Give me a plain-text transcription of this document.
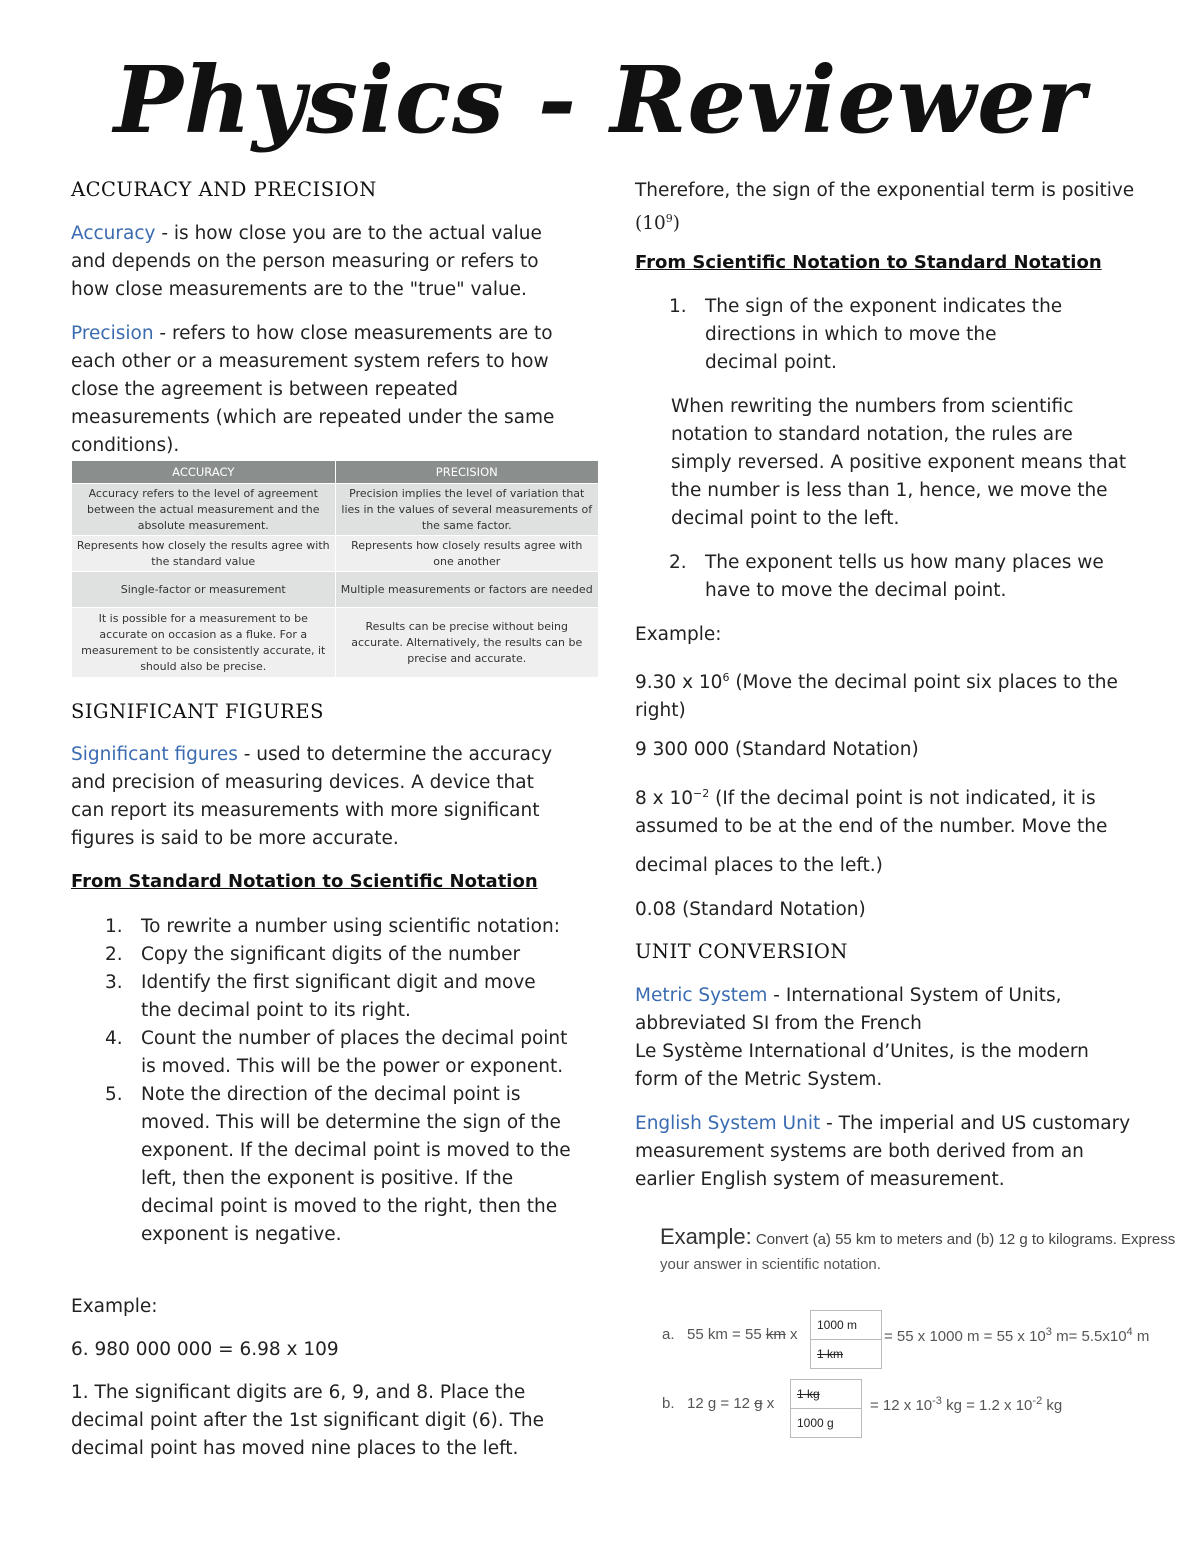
Physics - Reviewer
ACCURACY AND PRECISION
Accuracy - is how close you are to the actual value and depends on the person measuring or refers to how close measurements are to the "true" value.
Precision - refers to how close measurements are to each other or a measurement system refers to how close the agreement is between repeated measurements (which are repeated under the same conditions).
ACCURACY	PRECISION
Accuracy refers to the level of agreement between the actual measurement and the absolute measurement.	Precision implies the level of variation that lies in the values of several measurements of the same factor.
Represents how closely the results agree with the standard value	Represents how closely results agree with one another
Single-factor or measurement	Multiple measurements or factors are needed
It is possible for a measurement to be accurate on occasion as a fluke. For a measurement to be consistently accurate, it should also be precise.	Results can be precise without being accurate. Alternatively, the results can be precise and accurate.
SIGNIFICANT FIGURES
Significant figures - used to determine the accuracy and precision of measuring devices. A device that can report its measurements with more significant figures is said to be more accurate.
From Standard Notation to Scientific Notation
1. To rewrite a number using scientific notation:
2. Copy the significant digits of the number
3. Identify the first significant digit and move the decimal point to its right.
4. Count the number of places the decimal point is moved. This will be the power or exponent.
5. Note the direction of the decimal point is moved. This will be determine the sign of the exponent. If the decimal point is moved to the left, then the exponent is positive. If the decimal point is moved to the right, then the exponent is negative.
Example:
6. 980 000 000 = 6.98 x 109
1. The significant digits are 6, 9, and 8. Place the decimal point after the 1st significant digit (6). The decimal point has moved nine places to the left.
Therefore, the sign of the exponential term is positive
$(10^9)$
From Scientific Notation to Standard Notation
1. The sign of the exponent indicates the directions in which to move the decimal point.
When rewriting the numbers from scientific notation to standard notation, the rules are simply reversed. A positive exponent means that the number is less than 1, hence, we move the decimal point to the left.
2. The exponent tells us how many places we have to move the decimal point.
Example:
9.30 x $10^6$ (Move the decimal point six places to the right)
9 300 000 (Standard Notation)
8 x $10^{-2}$ (If the decimal point is not indicated, it is assumed to be at the end of the number. Move the
decimal places to the left.)
0.08 (Standard Notation)
UNIT CONVERSION
Metric System - International System of Units, abbreviated SI from the French
Le Système International d’Unites, is the modern form of the Metric System.
English System Unit - The imperial and US customary measurement systems are both derived from an earlier English system of measurement.
Example: Convert (a) 55 km to meters and (b) 12 g to kilograms. Express
your answer in scientific notation.
a. 55 km = 55 km x $\frac{1000 m}{1 km} = 55$ x 1000 m = 55 x $10^3$ $m= 5.5x10^4$ m
b. 12 g = 12 g x $\frac{1 kg}{1000 g} = 12$ x $10^{-3}$ kg = 1.2 x $10^{-2}$ kg
